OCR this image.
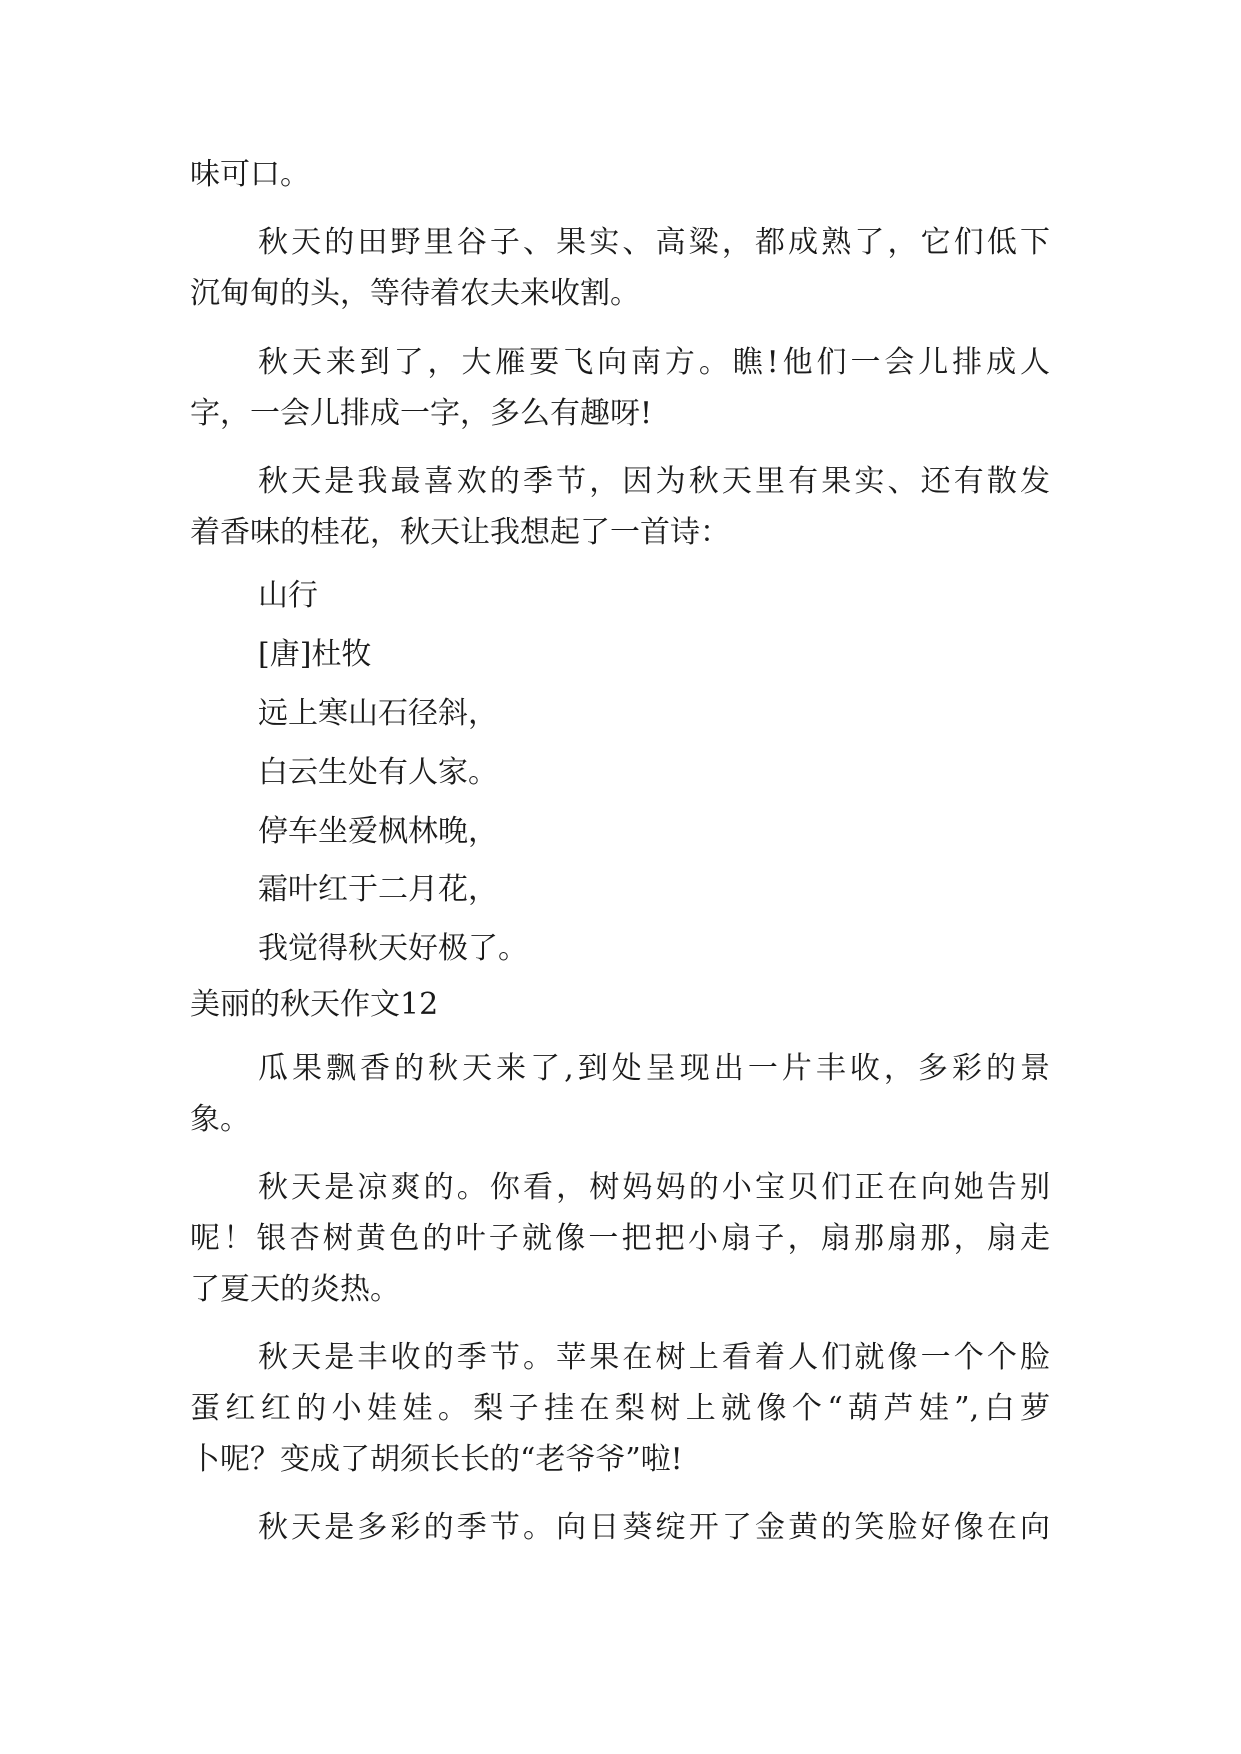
味可口。
秋天的田野里谷子、果实、高粱，都成熟了，它们低下
沉甸甸的头，等待着农夫来收割。
秋天来到了，大雁要飞向南方。瞧!他们一会儿排成人
字，一会儿排成一字，多么有趣呀!
秋天是我最喜欢的季节，因为秋天里有果实、还有散发
着香味的桂花，秋天让我想起了一首诗：
山行
[唐]杜牧
远上寒山石径斜，
白云生处有人家。
停车坐爱枫林晚，
霜叶红于二月花，
我觉得秋天好极了。
美丽的秋天作文12
瓜果飘香的秋天来了,到处呈现出一片丰收，多彩的景
象。
秋天是凉爽的。你看，树妈妈的小宝贝们正在向她告别
呢！银杏树黄色的叶子就像一把把小扇子，扇那扇那，扇走
了夏天的炎热。
秋天是丰收的季节。苹果在树上看着人们就像一个个脸
蛋红红的小娃娃。梨子挂在梨树上就像个“葫芦娃”,白萝
卜呢？变成了胡须长长的“老爷爷”啦!
秋天是多彩的季节。向日葵绽开了金黄的笑脸好像在向
